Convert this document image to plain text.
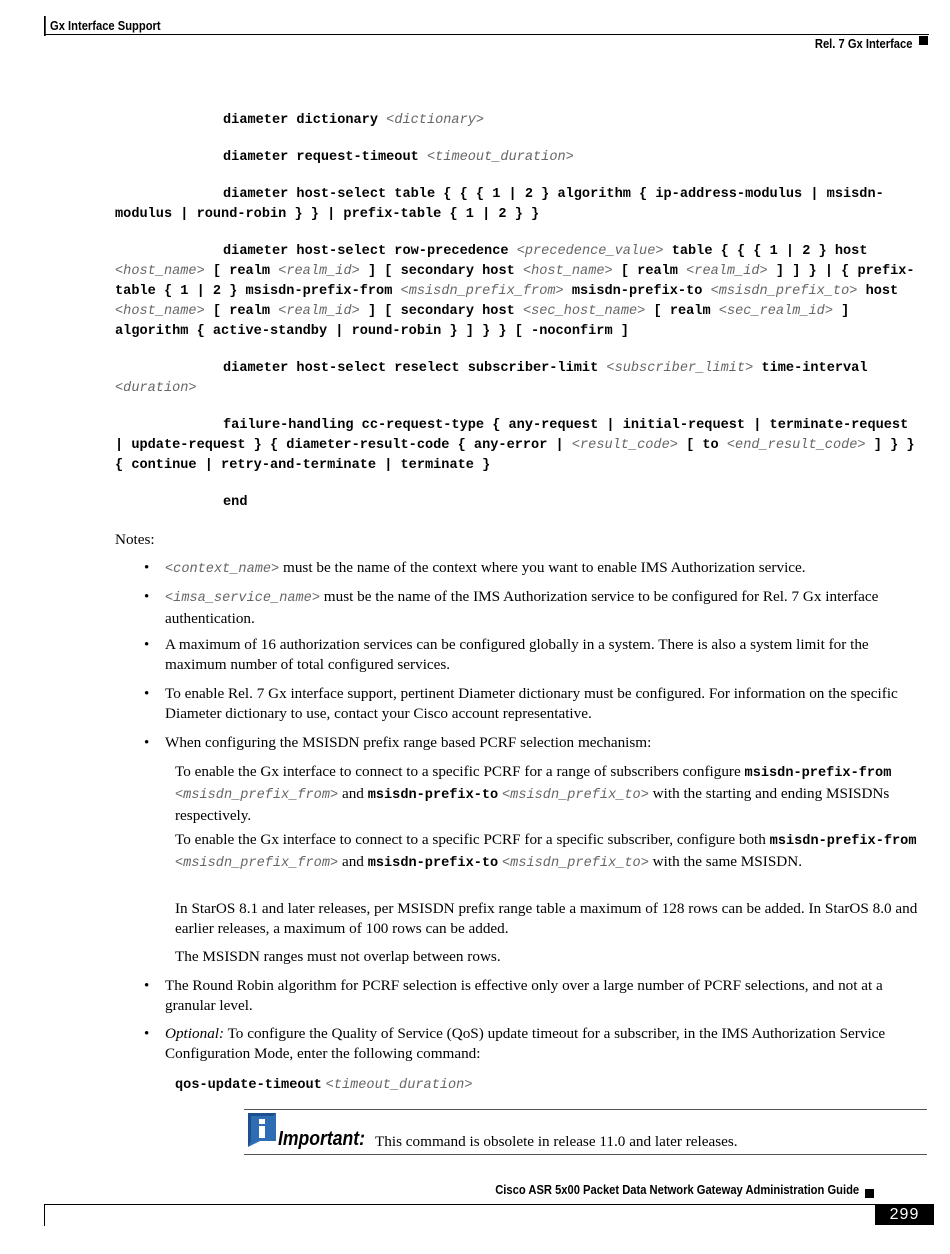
Gx Interface Support
Rel. 7 Gx Interface
diameter dictionary <dictionary>
diameter request-timeout <timeout_duration>
diameter host-select table { { { 1 | 2 } algorithm { ip-address-modulus | msisdn-modulus | round-robin } } | prefix-table { 1 | 2 } }
diameter host-select row-precedence <precedence_value> table { { { 1 | 2 } host <host_name> [ realm <realm_id> ] [ secondary host <host_name> [ realm <realm_id> ] ] } | { prefix-table { 1 | 2 } msisdn-prefix-from <msisdn_prefix_from> msisdn-prefix-to <msisdn_prefix_to> host <host_name> [ realm <realm_id> ] [ secondary host <sec_host_name> [ realm <sec_realm_id> ] algorithm { active-standby | round-robin } ] } } [ -noconfirm ]
diameter host-select reselect subscriber-limit <subscriber_limit> time-interval <duration>
failure-handling cc-request-type { any-request | initial-request | terminate-request | update-request } { diameter-result-code { any-error | <result_code> [ to <end_result_code> ] } } { continue | retry-and-terminate | terminate }
end
Notes:
• <context_name> must be the name of the context where you want to enable IMS Authorization service.
• <imsa_service_name> must be the name of the IMS Authorization service to be configured for Rel. 7 Gx interface authentication.
• A maximum of 16 authorization services can be configured globally in a system. There is also a system limit for the maximum number of total configured services.
• To enable Rel. 7 Gx interface support, pertinent Diameter dictionary must be configured. For information on the specific Diameter dictionary to use, contact your Cisco account representative.
• When configuring the MSISDN prefix range based PCRF selection mechanism:
To enable the Gx interface to connect to a specific PCRF for a range of subscribers configure msisdn-prefix-from <msisdn_prefix_from> and msisdn-prefix-to <msisdn_prefix_to> with the starting and ending MSISDNs respectively.
To enable the Gx interface to connect to a specific PCRF for a specific subscriber, configure both msisdn-prefix-from <msisdn_prefix_from> and msisdn-prefix-to <msisdn_prefix_to> with the same MSISDN.
In StarOS 8.1 and later releases, per MSISDN prefix range table a maximum of 128 rows can be added. In StarOS 8.0 and earlier releases, a maximum of 100 rows can be added.
The MSISDN ranges must not overlap between rows.
• The Round Robin algorithm for PCRF selection is effective only over a large number of PCRF selections, and not at a granular level.
• Optional: To configure the Quality of Service (QoS) update timeout for a subscriber, in the IMS Authorization Service Configuration Mode, enter the following command:
qos-update-timeout <timeout_duration>
Important: This command is obsolete in release 11.0 and later releases.
Cisco ASR 5x00 Packet Data Network Gateway Administration Guide
299
